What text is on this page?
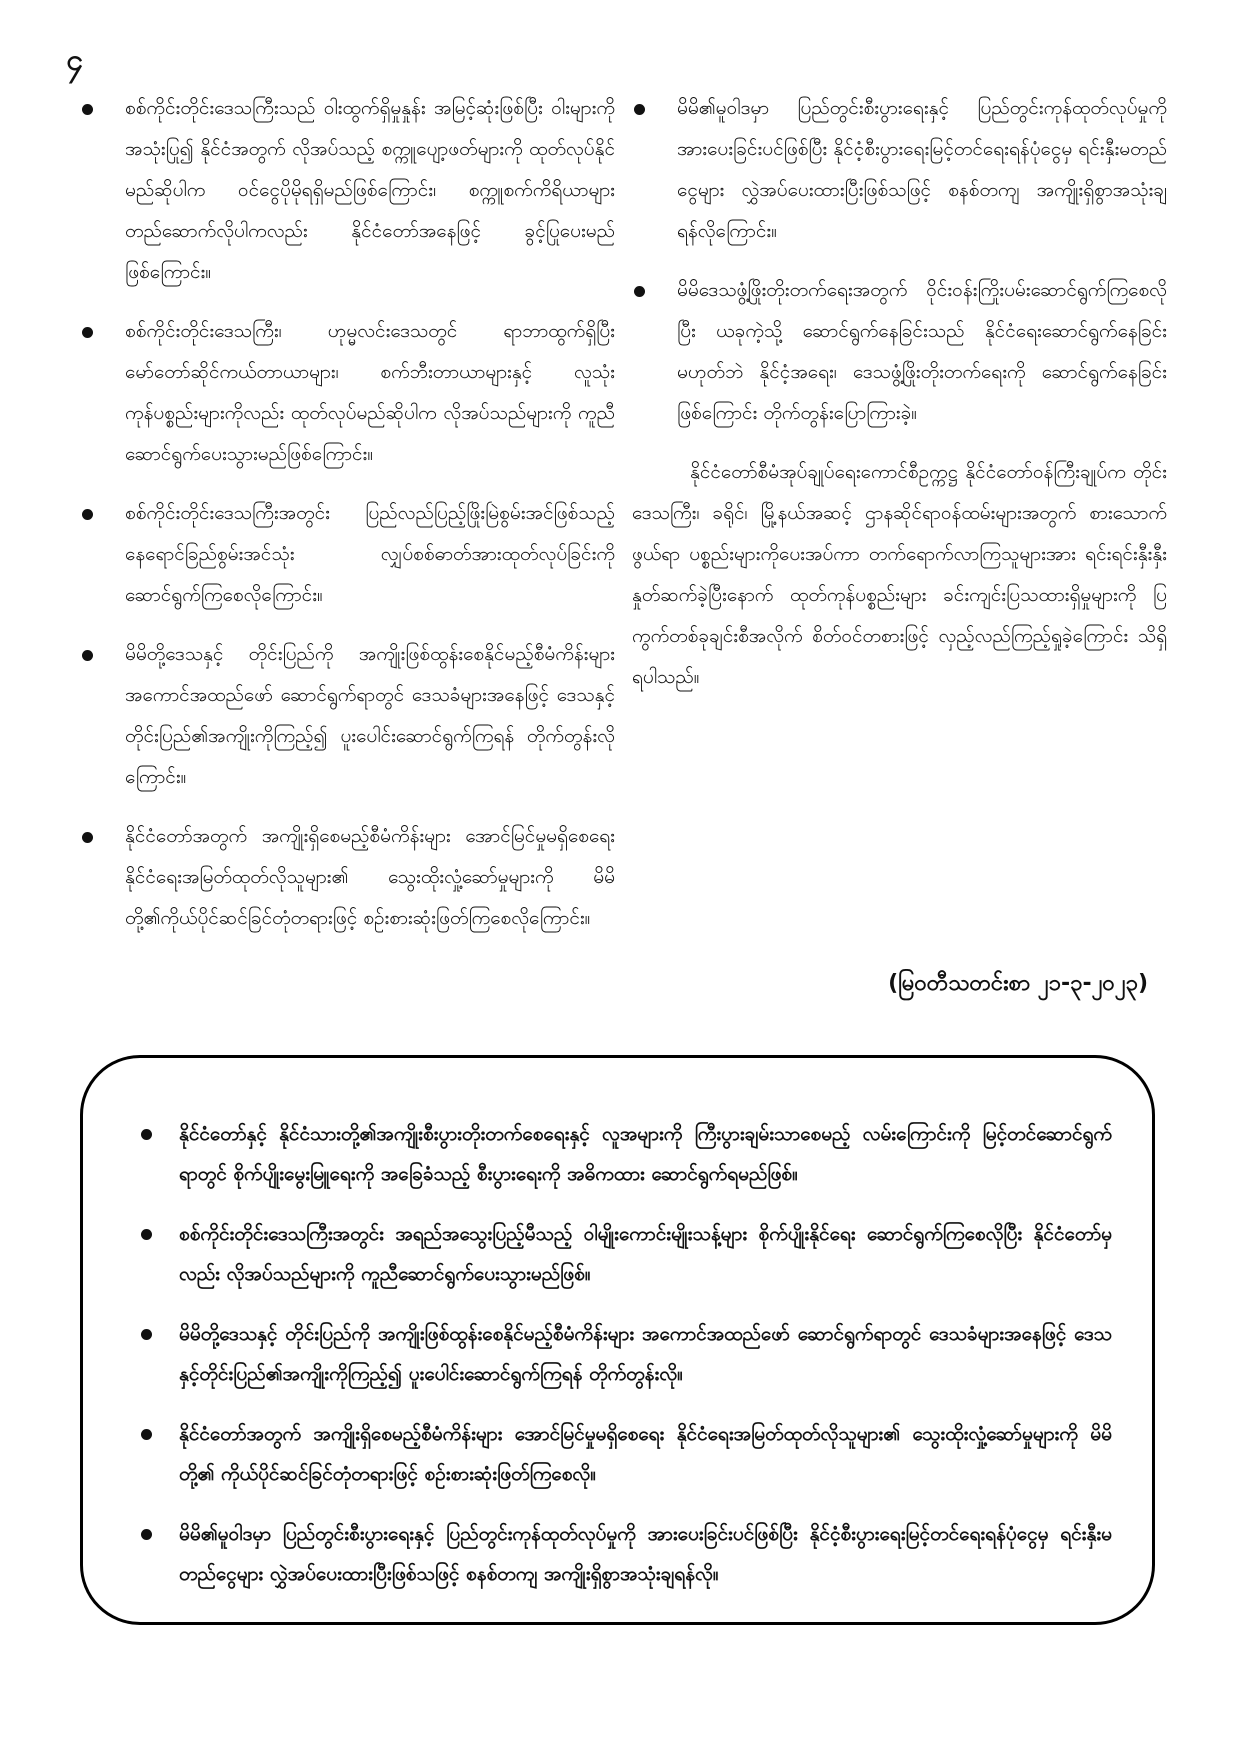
၄

စစ်ကိုင်းတိုင်းဒေသကြီးသည် ဝါးထွက်ရှိမှုနှုန်း အမြင့်ဆုံးဖြစ်ပြီး ဝါးများကို အသုံးပြု၍ နိုင်ငံအတွက် လိုအပ်သည့် စက္ကူပျော့ဖတ်များကို ထုတ်လုပ်နိုင်မည်ဆိုပါက ဝင်ငွေပိုမိုရရှိမည်ဖြစ်ကြောင်း၊ စက္ကူစက်ကိရိယာများတည်ဆောက်လိုပါကလည်း နိုင်ငံတော်အနေဖြင့် ခွင့်ပြုပေးမည်ဖြစ်ကြောင်း။

စစ်ကိုင်းတိုင်းဒေသကြီး၊ ဟုမ္မလင်းဒေသတွင် ရာဘာထွက်ရှိပြီး မော်တော်ဆိုင်ကယ်တာယာများ၊ စက်ဘီးတာယာများနှင့် လူသုံးကုန်ပစ္စည်းများကိုလည်း ထုတ်လုပ်မည်ဆိုပါက လိုအပ်သည်များကို ကူညီဆောင်ရွက်ပေးသွားမည်ဖြစ်ကြောင်း။

စစ်ကိုင်းတိုင်းဒေသကြီးအတွင်း ပြည်လည်ပြည့်ဖြိုးမြဲစွမ်းအင်ဖြစ်သည့် နေရောင်ခြည်စွမ်းအင်သုံး လျှပ်စစ်ဓာတ်အားထုတ်လုပ်ခြင်းကို ဆောင်ရွက်ကြစေလိုကြောင်း။

မိမိတို့ဒေသနှင့် တိုင်းပြည်ကို အကျိုးဖြစ်ထွန်းစေနိုင်မည့်စီမံကိန်းများ အကောင်အထည်ဖော် ဆောင်ရွက်ရာတွင် ဒေသခံများအနေဖြင့် ဒေသနှင့်တိုင်းပြည်၏အကျိုးကိုကြည့်၍ ပူးပေါင်းဆောင်ရွက်ကြရန် တိုက်တွန်းလိုကြောင်း။

နိုင်ငံတော်အတွက် အကျိုးရှိစေမည့်စီမံကိန်းများ အောင်မြင်မှုမရှိစေရေး နိုင်ငံရေးအမြတ်ထုတ်လိုသူများ၏ သွေးထိုးလှုံ့ဆော်မှုများကို မိမိတို့၏ကိုယ်ပိုင်ဆင်ခြင်တုံတရားဖြင့် စဉ်းစားဆုံးဖြတ်ကြစေလိုကြောင်း။

မိမိ၏မူဝါဒမှာ ပြည်တွင်းစီးပွားရေးနှင့် ပြည်တွင်းကုန်ထုတ်လုပ်မှုကို အားပေးခြင်းပင်ဖြစ်ပြီး နိုင်ငံ့စီးပွားရေးမြင့်တင်ရေးရန်ပုံငွေမှ ရင်းနှီးမတည်ငွေများ လွှဲအပ်ပေးထားပြီးဖြစ်သဖြင့် စနစ်တကျ အကျိုးရှိစွာအသုံးချရန်လိုကြောင်း။

မိမိဒေသဖွံ့ဖြိုးတိုးတက်ရေးအတွက် ဝိုင်းဝန်းကြိုးပမ်းဆောင်ရွက်ကြစေလိုပြီး ယခုကဲ့သို့ ဆောင်ရွက်နေခြင်းသည် နိုင်ငံရေးဆောင်ရွက်နေခြင်းမဟုတ်ဘဲ နိုင်ငံ့အရေး၊ ဒေသဖွံ့ဖြိုးတိုးတက်ရေးကို ဆောင်ရွက်နေခြင်းဖြစ်ကြောင်း တိုက်တွန်းပြောကြားခဲ့။

နိုင်ငံတော်စီမံအုပ်ချုပ်ရေးကောင်စီဥက္ကဋ္ဌ နိုင်ငံတော်ဝန်ကြီးချုပ်က တိုင်းဒေသကြီး၊ ခရိုင်၊ မြို့နယ်အဆင့် ဌာနဆိုင်ရာဝန်ထမ်းများအတွက် စားသောက်ဖွယ်ရာ ပစ္စည်းများကိုပေးအပ်ကာ တက်ရောက်လာကြသူများအား ရင်းရင်းနှီးနှီးနှုတ်ဆက်ခဲ့ပြီးနောက် ထုတ်ကုန်ပစ္စည်းများ ခင်းကျင်းပြသထားရှိမှုများကို ပြကွက်တစ်ခုချင်းစီအလိုက် စိတ်ဝင်တစားဖြင့် လှည့်လည်ကြည့်ရှုခဲ့ကြောင်း သိရှိရပါသည်။

(မြဝတီသတင်းစာ ၂၁-၃-၂၀၂၃)

နိုင်ငံတော်နှင့် နိုင်ငံသားတို့၏အကျိုးစီးပွားတိုးတက်စေရေးနှင့် လူအများကို ကြီးပွားချမ်းသာစေမည့် လမ်းကြောင်းကို မြင့်တင်ဆောင်ရွက်ရာတွင် စိုက်ပျိုးမွေးမြူရေးကို အခြေခံသည့် စီးပွားရေးကို အဓိကထား ဆောင်ရွက်ရမည်ဖြစ်။

စစ်ကိုင်းတိုင်းဒေသကြီးအတွင်း အရည်အသွေးပြည့်မီသည့် ဝါမျိုးကောင်းမျိုးသန့်များ စိုက်ပျိုးနိုင်ရေး ဆောင်ရွက်ကြစေလိုပြီး နိုင်ငံတော်မှလည်း လိုအပ်သည်များကို ကူညီဆောင်ရွက်ပေးသွားမည်ဖြစ်။

မိမိတို့ဒေသနှင့် တိုင်းပြည်ကို အကျိုးဖြစ်ထွန်းစေနိုင်မည့်စီမံကိန်းများ အကောင်အထည်ဖော် ဆောင်ရွက်ရာတွင် ဒေသခံများအနေဖြင့် ဒေသနှင့်တိုင်းပြည်၏အကျိုးကိုကြည့်၍ ပူးပေါင်းဆောင်ရွက်ကြရန် တိုက်တွန်းလို။

နိုင်ငံတော်အတွက် အကျိုးရှိစေမည့်စီမံကိန်းများ အောင်မြင်မှုမရှိစေရေး နိုင်ငံရေးအမြတ်ထုတ်လိုသူများ၏ သွေးထိုးလှုံ့ဆော်မှုများကို မိမိတို့၏ ကိုယ်ပိုင်ဆင်ခြင်တုံတရားဖြင့် စဉ်းစားဆုံးဖြတ်ကြစေလို။

မိမိ၏မူဝါဒမှာ ပြည်တွင်းစီးပွားရေးနှင့် ပြည်တွင်းကုန်ထုတ်လုပ်မှုကို အားပေးခြင်းပင်ဖြစ်ပြီး နိုင်ငံ့စီးပွားရေးမြင့်တင်ရေးရန်ပုံငွေမှ ရင်းနှီးမတည်ငွေများ လွှဲအပ်ပေးထားပြီးဖြစ်သဖြင့် စနစ်တကျ အကျိုးရှိစွာအသုံးချရန်လို။
